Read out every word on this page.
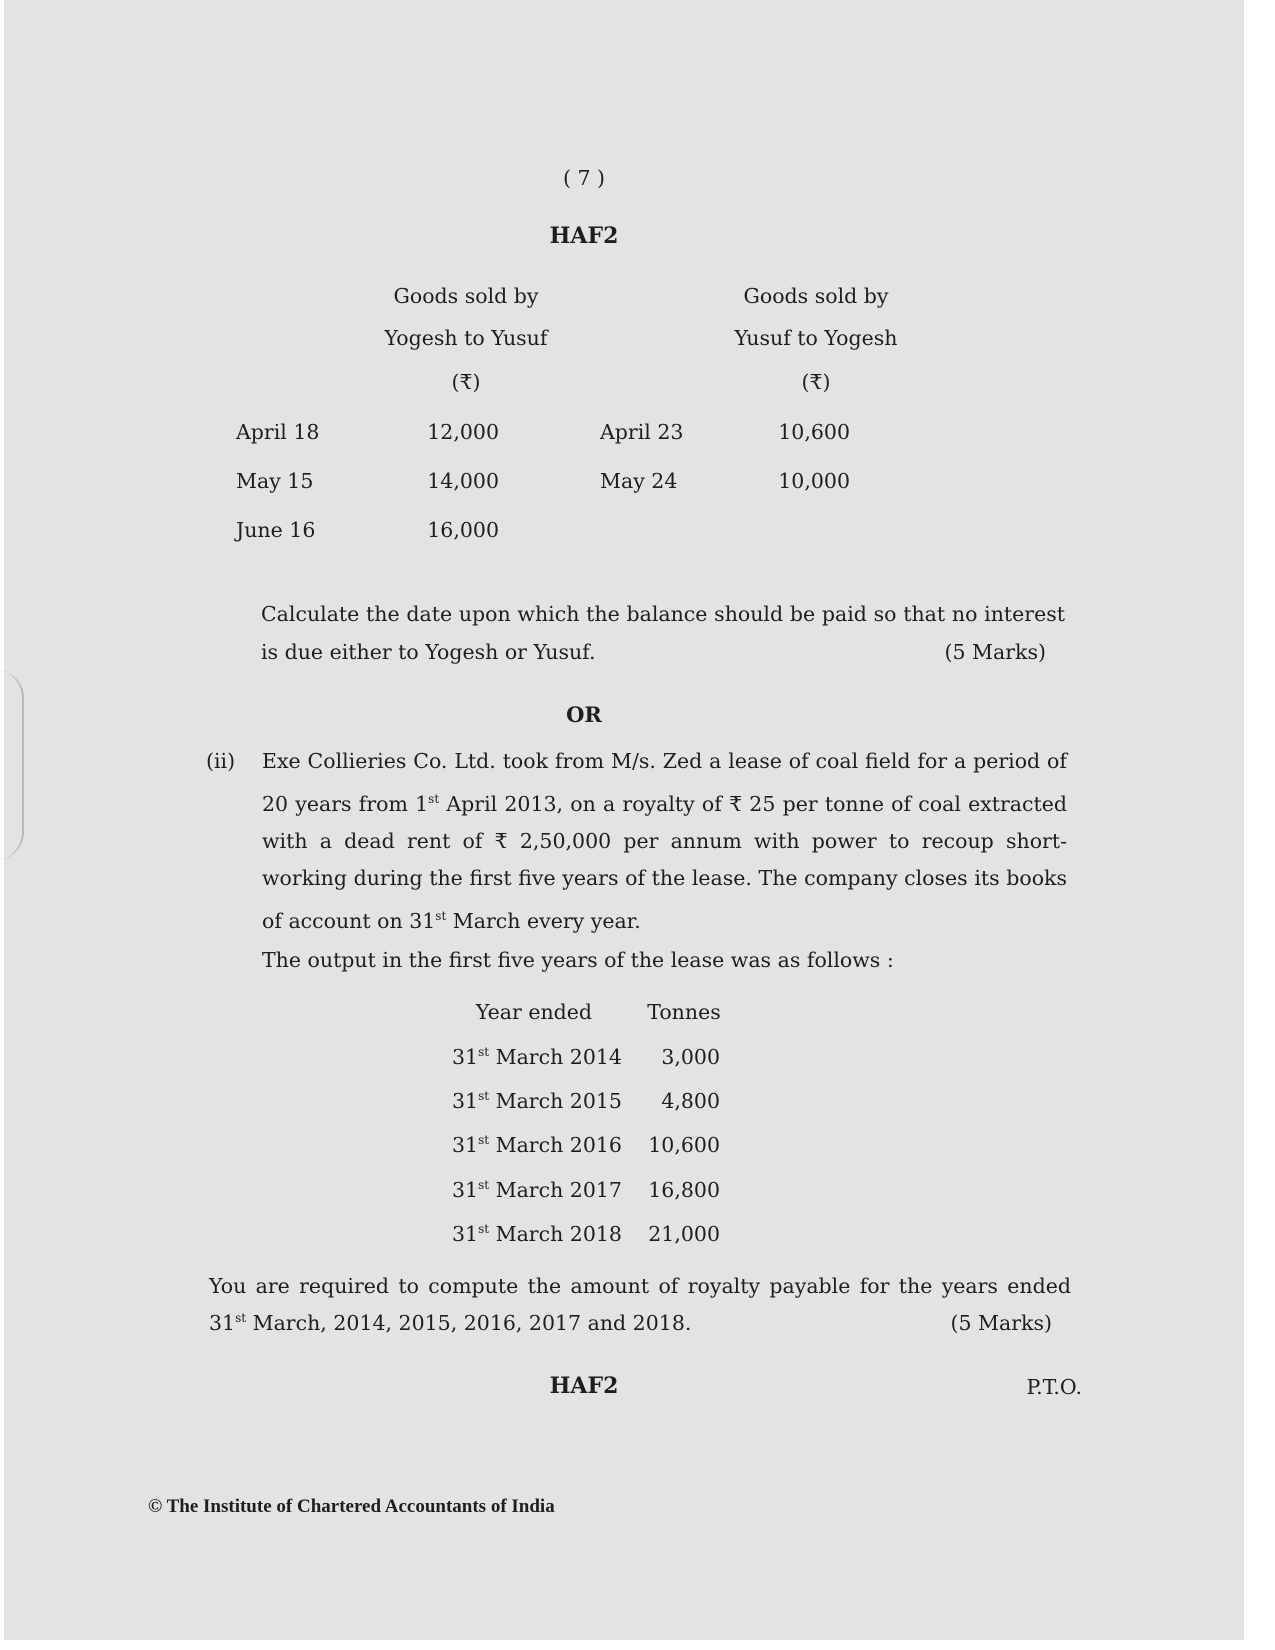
( 7 )
HAF2
Goods sold by
Yogesh to Yusuf
(₹)
Goods sold by
Yusuf to Yogesh
(₹)
April 18	12,000	April 23	10,600
May 15	14,000	May 24	10,000
June 16	16,000
Calculate the date upon which the balance should be paid so that no interest is due either to Yogesh or Yusuf.	(5 Marks)
OR
(ii) Exe Collieries Co. Ltd. took from M/s. Zed a lease of coal field for a period of 20 years from 1st April 2013, on a royalty of ₹ 25 per tonne of coal extracted with a dead rent of ₹ 2,50,000 per annum with power to recoup short-working during the first five years of the lease. The company closes its books of account on 31st March every year.
The output in the first five years of the lease was as follows :
Year ended	Tonnes
31st March 2014	3,000
31st March 2015	4,800
31st March 2016	10,600
31st March 2017	16,800
31st March 2018	21,000
You are required to compute the amount of royalty payable for the years ended
31st March, 2014, 2015, 2016, 2017 and 2018.	(5 Marks)
HAF2	P.T.O.
© The Institute of Chartered Accountants of India
